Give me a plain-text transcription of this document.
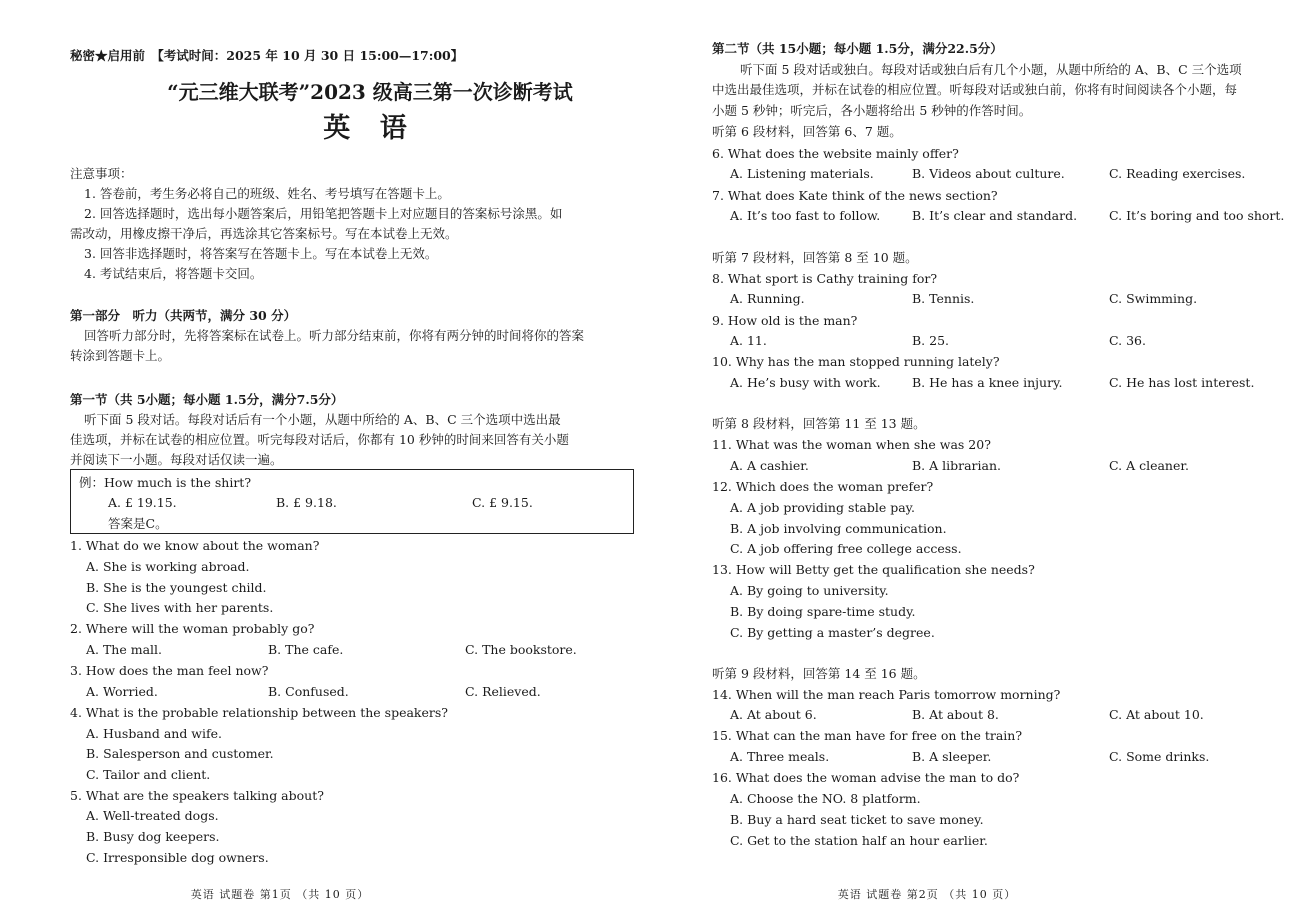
秘密★启用前　【考试时间：2025 年 10 月 30 日 15:00—17:00】
“元三维大联考”2023 级高三第一次诊断考试
英 语
注意事项：
1. 答卷前，考生务必将自己的班级、姓名、考号填写在答题卡上。
2. 回答选择题时，选出每小题答案后，用铅笔把答题卡上对应题目的答案标号涂黑。如
需改动，用橡皮擦干净后，再选涂其它答案标号。写在本试卷上无效。
3. 回答非选择题时，将答案写在答题卡上。写在本试卷上无效。
4. 考试结束后，将答题卡交回。
第一部分　听力（共两节，满分 30 分）
回答听力部分时，先将答案标在试卷上。听力部分结束前，你将有两分钟的时间将你的答案
转涂到答题卡上。
第一节（共 5小题；每小题 1.5分，满分7.5分）
听下面 5 段对话。每段对话后有一个小题，从题中所给的 A、B、C 三个选项中选出最
佳选项，并标在试卷的相应位置。听完每段对话后，你都有 10 秒钟的时间来回答有关小题
并阅读下一小题。每段对话仅读一遍。
例：How much is the shirt?
A. £ 19.15.	B. £ 9.18.	C. £ 9.15.
答案是C。
1. What do we know about the woman?
A. She is working abroad.
B. She is the youngest child.
C. She lives with her parents.
2. Where will the woman probably go?
A. The mall.	B. The cafe.	C. The bookstore.
3. How does the man feel now?
A. Worried.	B. Confused.	C. Relieved.
4. What is the probable relationship between the speakers?
A. Husband and wife.
B. Salesperson and customer.
C. Tailor and client.
5. What are the speakers talking about?
A. Well-treated dogs.
B. Busy dog keepers.
C. Irresponsible dog owners.
英语 试题卷 第1页 （共 10 页）
第二节（共 15小题；每小题 1.5分，满分22.5分）
听下面 5 段对话或独白。每段对话或独白后有几个小题，从题中所给的 A、B、C 三个选项
中选出最佳选项，并标在试卷的相应位置。听每段对话或独白前，你将有时间阅读各个小题，每
小题 5 秒钟；听完后，各小题将给出 5 秒钟的作答时间。
听第 6 段材料，回答第 6、7 题。
6. What does the website mainly offer?
A. Listening materials.	B. Videos about culture.	C. Reading exercises.
7. What does Kate think of the news section?
A. It’s too fast to follow.	B. It’s clear and standard.	C. It’s boring and too short.
听第 7 段材料，回答第 8 至 10 题。
8. What sport is Cathy training for?
A. Running.	B. Tennis.	C. Swimming.
9. How old is the man?
A. 11.	B. 25.	C. 36.
10. Why has the man stopped running lately?
A. He’s busy with work.	B. He has a knee injury.	C. He has lost interest.
听第 8 段材料，回答第 11 至 13 题。
11. What was the woman when she was 20?
A. A cashier.	B. A librarian.	C. A cleaner.
12. Which does the woman prefer?
A. A job providing stable pay.
B. A job involving communication.
C. A job offering free college access.
13. How will Betty get the qualification she needs?
A. By going to university.
B. By doing spare-time study.
C. By getting a master’s degree.
听第 9 段材料，回答第 14 至 16 题。
14. When will the man reach Paris tomorrow morning?
A. At about 6.	B. At about 8.	C. At about 10.
15. What can the man have for free on the train?
A. Three meals.	B. A sleeper.	C. Some drinks.
16. What does the woman advise the man to do?
A. Choose the NO. 8 platform.
B. Buy a hard seat ticket to save money.
C. Get to the station half an hour earlier.
英语 试题卷 第2页 （共 10 页）
